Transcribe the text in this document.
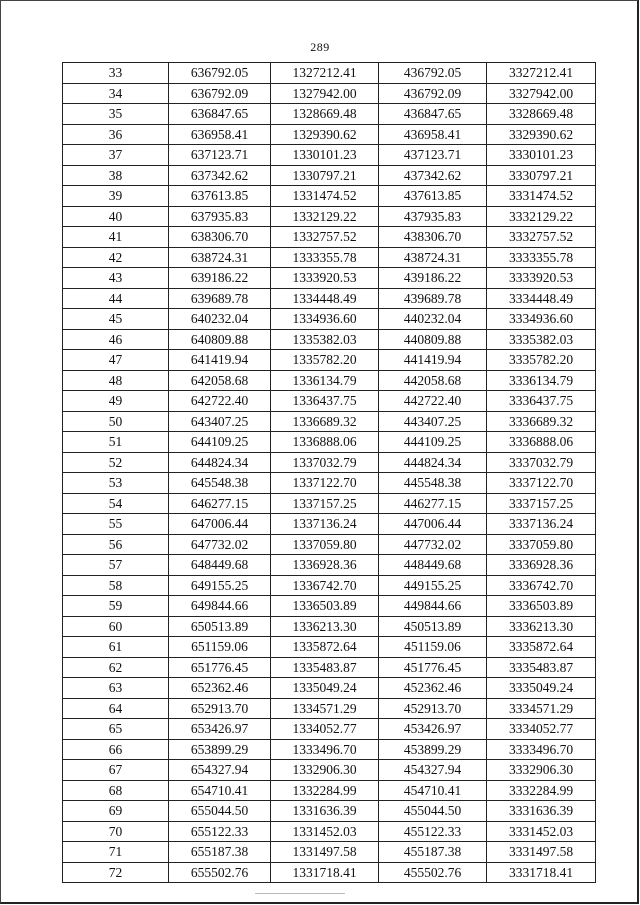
289
33	636792.05	1327212.41	436792.05	3327212.41
34	636792.09	1327942.00	436792.09	3327942.00
35	636847.65	1328669.48	436847.65	3328669.48
36	636958.41	1329390.62	436958.41	3329390.62
37	637123.71	1330101.23	437123.71	3330101.23
38	637342.62	1330797.21	437342.62	3330797.21
39	637613.85	1331474.52	437613.85	3331474.52
40	637935.83	1332129.22	437935.83	3332129.22
41	638306.70	1332757.52	438306.70	3332757.52
42	638724.31	1333355.78	438724.31	3333355.78
43	639186.22	1333920.53	439186.22	3333920.53
44	639689.78	1334448.49	439689.78	3334448.49
45	640232.04	1334936.60	440232.04	3334936.60
46	640809.88	1335382.03	440809.88	3335382.03
47	641419.94	1335782.20	441419.94	3335782.20
48	642058.68	1336134.79	442058.68	3336134.79
49	642722.40	1336437.75	442722.40	3336437.75
50	643407.25	1336689.32	443407.25	3336689.32
51	644109.25	1336888.06	444109.25	3336888.06
52	644824.34	1337032.79	444824.34	3337032.79
53	645548.38	1337122.70	445548.38	3337122.70
54	646277.15	1337157.25	446277.15	3337157.25
55	647006.44	1337136.24	447006.44	3337136.24
56	647732.02	1337059.80	447732.02	3337059.80
57	648449.68	1336928.36	448449.68	3336928.36
58	649155.25	1336742.70	449155.25	3336742.70
59	649844.66	1336503.89	449844.66	3336503.89
60	650513.89	1336213.30	450513.89	3336213.30
61	651159.06	1335872.64	451159.06	3335872.64
62	651776.45	1335483.87	451776.45	3335483.87
63	652362.46	1335049.24	452362.46	3335049.24
64	652913.70	1334571.29	452913.70	3334571.29
65	653426.97	1334052.77	453426.97	3334052.77
66	653899.29	1333496.70	453899.29	3333496.70
67	654327.94	1332906.30	454327.94	3332906.30
68	654710.41	1332284.99	454710.41	3332284.99
69	655044.50	1331636.39	455044.50	3331636.39
70	655122.33	1331452.03	455122.33	3331452.03
71	655187.38	1331497.58	455187.38	3331497.58
72	655502.76	1331718.41	455502.76	3331718.41
